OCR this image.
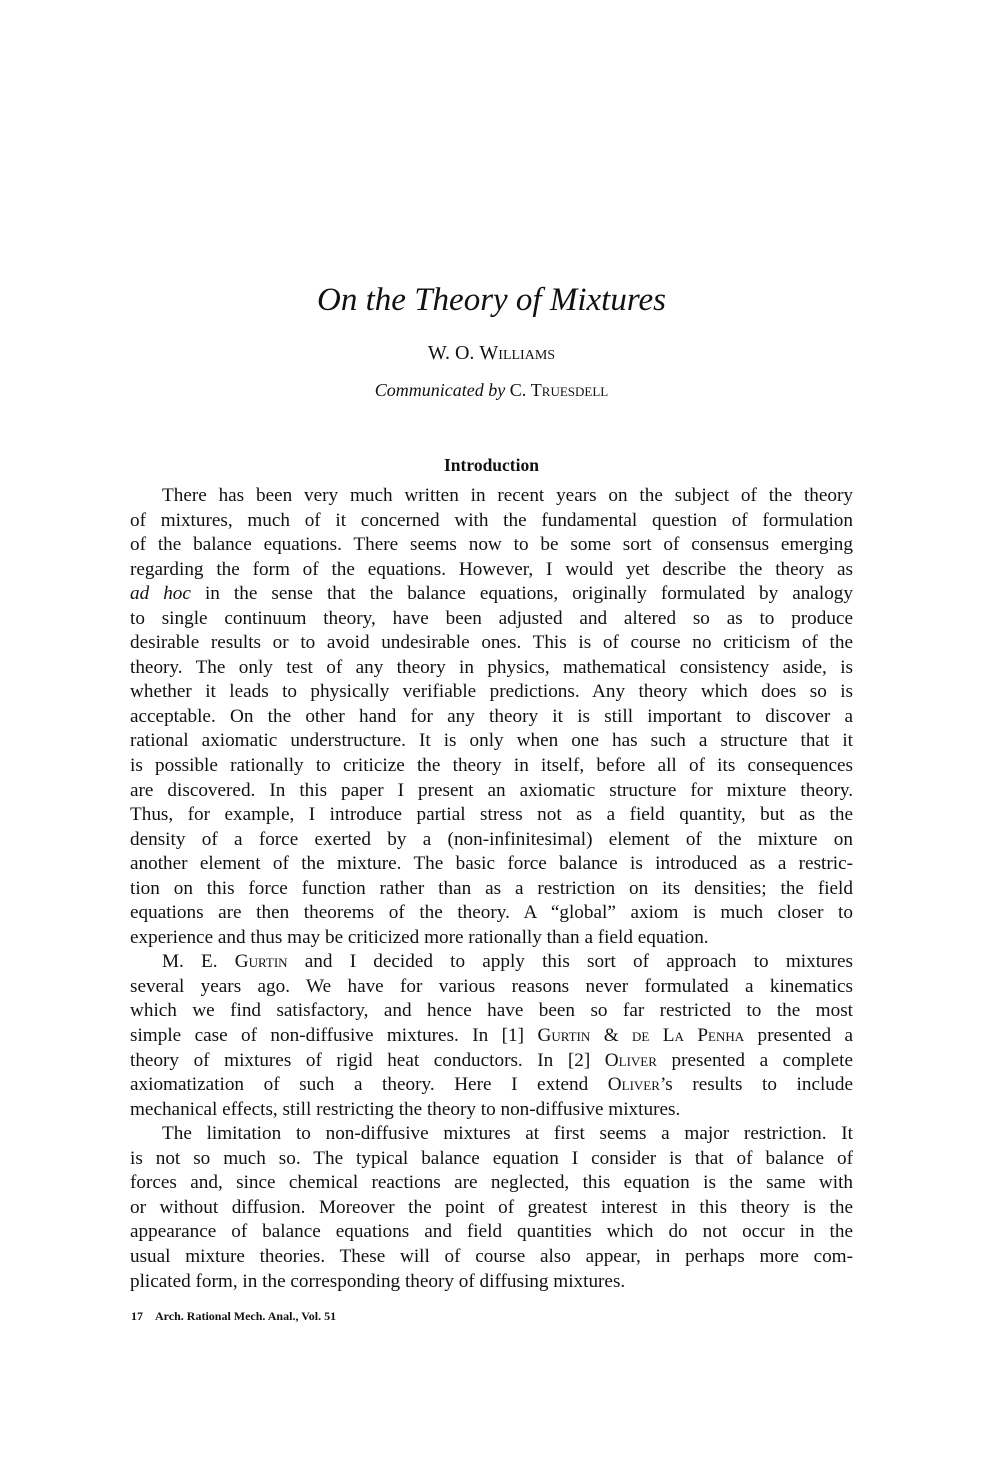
On the Theory of Mixtures
W. O. Williams
Communicated by C. Truesdell
Introduction
There has been very much written in recent years on the subject of the theory
of mixtures, much of it concerned with the fundamental question of formulation
of the balance equations. There seems now to be some sort of consensus emerging
regarding the form of the equations. However, I would yet describe the theory as
ad hoc in the sense that the balance equations, originally formulated by analogy
to single continuum theory, have been adjusted and altered so as to produce
desirable results or to avoid undesirable ones. This is of course no criticism of the
theory. The only test of any theory in physics, mathematical consistency aside, is
whether it leads to physically verifiable predictions. Any theory which does so is
acceptable. On the other hand for any theory it is still important to discover a
rational axiomatic understructure. It is only when one has such a structure that it
is possible rationally to criticize the theory in itself, before all of its consequences
are discovered. In this paper I present an axiomatic structure for mixture theory.
Thus, for example, I introduce partial stress not as a field quantity, but as the
density of a force exerted by a (non-infinitesimal) element of the mixture on
another element of the mixture. The basic force balance is introduced as a restric-
tion on this force function rather than as a restriction on its densities; the field
equations are then theorems of the theory. A “global” axiom is much closer to
experience and thus may be criticized more rationally than a field equation.
M. E. Gurtin and I decided to apply this sort of approach to mixtures
several years ago. We have for various reasons never formulated a kinematics
which we find satisfactory, and hence have been so far restricted to the most
simple case of non-diffusive mixtures. In [1] Gurtin & de La Penha presented a
theory of mixtures of rigid heat conductors. In [2] Oliver presented a complete
axiomatization of such a theory. Here I extend Oliver’s results to include
mechanical effects, still restricting the theory to non-diffusive mixtures.
The limitation to non-diffusive mixtures at first seems a major restriction. It
is not so much so. The typical balance equation I consider is that of balance of
forces and, since chemical reactions are neglected, this equation is the same with
or without diffusion. Moreover the point of greatest interest in this theory is the
appearance of balance equations and field quantities which do not occur in the
usual mixture theories. These will of course also appear, in perhaps more com-
plicated form, in the corresponding theory of diffusing mixtures.
17 Arch. Rational Mech. Anal., Vol. 51
